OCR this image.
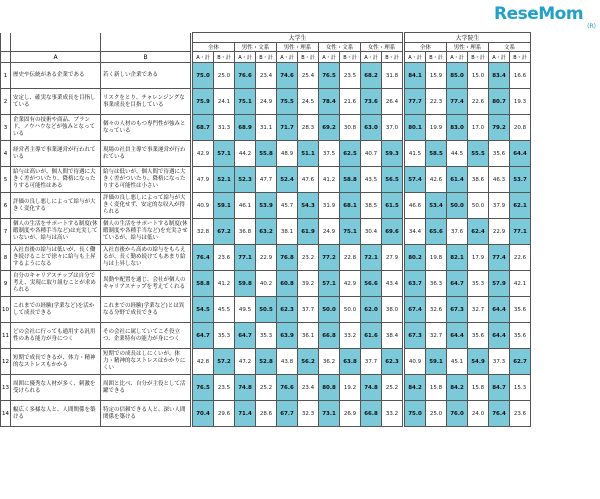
ReseMom
(R)
				大学生											大学院生					
				全体		男性・文系		男性・理系		女性・文系		女性・理系			全体		男性・理系		文系	
	A	B		A・計	B・計	A・計	B・計	A・計	B・計	A・計	B・計	A・計	B・計		A・計	B・計	A・計	B・計	A・計	B・計
1	歴史や伝統がある企業である	若く新しい企業である		75.0	25.0	76.6	23.4	74.6	25.4	76.5	23.5	68.2	31.8		84.1	15.9	85.0	15.0	83.4	16.6
2	安定し、確実な事業成長を目指している	リスクをとり、チャレンジングな事業成長を目指している		75.9	24.1	75.1	24.9	75.5	24.5	78.4	21.6	73.6	26.4		77.7	22.3	77.4	22.6	80.7	19.3
3	企業固有の技術や商品、ブランド、ノウハウなどが強みとなっている	個々の人材のもつ専門性が強みとなっている		68.7	31.3	68.9	31.1	71.7	28.3	69.2	30.8	63.0	37.0		80.1	19.9	83.0	17.0	79.2	20.8
4	経営者主導で事業運営が行われている	現場の社員主導で事業運営が行われている		42.9	57.1	44.2	55.8	48.9	51.1	37.5	62.5	40.7	59.3		41.5	58.5	44.5	55.5	35.6	64.4
5	給与は高いが、個人間で待遇に大きく差がついたり、降格になったりする可能性はある	給与は低いが、個人間で待遇に大きく差がついたり、降格になったりする可能性は小さい		47.9	52.1	52.3	47.7	52.4	47.6	41.2	58.8	43.5	56.5		57.4	42.6	61.4	38.6	46.3	53.7
6	評価の良し悪しによって給与が大きく変化する	評価の良し悪しによって給与が大きく変化せず、安定的な収入が得られる		40.9	59.1	46.1	53.9	45.7	54.3	31.9	68.1	38.5	61.5		46.6	53.4	50.0	50.0	37.9	62.1
7	個人の生活をサポートする制度(休暇制度や各種手当など)は充実していないが、給与は高い	個人の生活をサポートする制度(休暇制度や各種手当など)を充実させているが、給与は低い		32.8	67.2	36.8	63.2	38.1	61.9	24.9	75.1	30.4	69.6		34.4	65.6	37.6	62.4	22.9	77.1
8	入社直後の給与は低いが、長く働き続けることで徐々に給与も上昇するようになる	入社直後から高めの給与をもらえるが、長く勤め続けてもあまり給与は上昇しない		76.4	23.6	77.1	22.9	76.8	23.2	77.2	22.8	72.1	27.9		80.2	19.8	82.1	17.9	77.4	22.6
9	自分のキャリアステップは自分で考え、実現に取り組むことが求められる	異動や配置を通じ、会社が個人のキャリアステップを考えてくれる		58.8	41.2	59.8	40.2	60.8	39.2	57.1	42.9	56.6	43.4		63.7	36.3	64.7	35.3	57.9	42.1
10	これまでの経験(学業など)を活かして成長できる	これまでの経験(学業など)とは異なる分野で成長できる		54.5	45.5	49.5	50.5	62.3	37.7	50.0	50.0	62.0	38.0		67.4	32.6	67.3	32.7	64.4	35.6
11	どの会社に行っても通用する汎用性のある能力が身につく	その会社に属していてこそ役立つ、企業特有の能力が身につく		64.7	35.3	64.7	35.3	63.9	36.1	66.8	33.2	61.6	38.4		67.3	32.7	64.4	35.6	64.4	35.6
12	短期で成長できるが、体力・精神的なストレスもかかる	短期での成長はしにくいが、体力・精神的なストレスはかかりにくい		42.8	57.2	47.2	52.8	43.8	56.2	36.2	63.8	37.7	62.3		40.9	59.1	45.1	54.9	37.3	62.7
13	周囲に優秀な人材が多く、刺激を受けられる	周囲と比べ、自分が主役として活躍できる		76.5	23.5	74.8	25.2	76.6	23.4	80.8	19.2	74.8	25.2		84.2	15.8	84.2	15.8	84.7	15.3
14	幅広く多様な人と、人間関係を築ける	特定の信頼できる人と、深い人間関係を築ける		70.4	29.6	71.4	28.6	67.7	32.3	73.1	26.9	66.8	33.2		75.0	25.0	76.0	24.0	76.4	23.6
